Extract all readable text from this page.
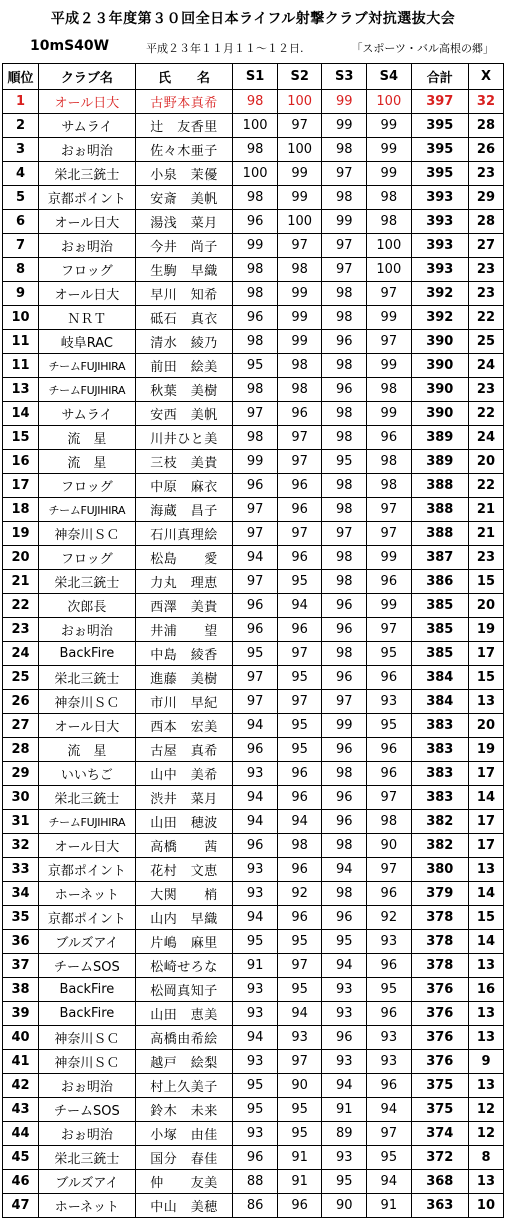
平成２３年度第３０回全日本ライフル射撃クラブ対抗選抜大会
10mS40W	平成２３年１１月１１〜１２日.	「スポーツ・バル高根の郷」
順位	クラブ名	氏　　名	S1	S2	S3	S4	合計	X
1	オール日大	古野本真希	98	100	99	100	397	32
2	サムライ	辻　友香里	100	97	99	99	395	28
3	おぉ明治	佐々木亜子	98	100	98	99	395	26
4	栄北三銃士	小泉　茉優	100	99	97	99	395	23
5	京都ポイント	安斎　美帆	98	99	98	98	393	29
6	オール日大	湯浅　菜月	96	100	99	98	393	28
7	おぉ明治	今井　尚子	99	97	97	100	393	27
8	フロッグ	生駒　早織	98	98	97	100	393	23
9	オール日大	早川　知希	98	99	98	97	392	23
10	ＮＲＴ	砥石　真衣	96	99	98	99	392	22
11	岐阜RAC	清水　綾乃	98	99	96	97	390	25
11	チームFUJIHIRA	前田　絵美	95	98	98	99	390	24
13	チームFUJIHIRA	秋葉　美樹	98	98	96	98	390	23
14	サムライ	安西　美帆	97	96	98	99	390	22
15	流　星	川井ひと美	98	97	98	96	389	24
16	流　星	三枝　美貴	99	97	95	98	389	20
17	フロッグ	中原　麻衣	96	96	98	98	388	22
18	チームFUJIHIRA	海蔵　昌子	97	96	98	97	388	21
19	神奈川ＳＣ	石川真理絵	97	97	97	97	388	21
20	フロッグ	松島　　愛	94	96	98	99	387	23
21	栄北三銃士	力丸　理恵	97	95	98	96	386	15
22	次郎長	西澤　美貴	96	94	96	99	385	20
23	おぉ明治	井浦　　望	96	96	96	97	385	19
24	BackFire	中島　綾香	95	97	98	95	385	17
25	栄北三銃士	進藤　美樹	97	95	96	96	384	15
26	神奈川ＳＣ	市川　早紀	97	97	97	93	384	13
27	オール日大	西本　宏美	94	95	99	95	383	20
28	流　星	古屋　真希	96	95	96	96	383	19
29	いいちご	山中　美希	93	96	98	96	383	17
30	栄北三銃士	渋井　菜月	94	96	96	97	383	14
31	チームFUJIHIRA	山田　穂波	94	94	96	98	382	17
32	オール日大	高橋　　茜	96	98	98	90	382	17
33	京都ポイント	花村　文恵	93	96	94	97	380	13
34	ホーネット	大関　　梢	93	92	98	96	379	14
35	京都ポイント	山内　早織	94	96	96	92	378	15
36	ブルズアイ	片嶋　麻里	95	95	95	93	378	14
37	チームSOS	松崎せろな	91	97	94	96	378	13
38	BackFire	松岡真知子	93	95	93	95	376	16
39	BackFire	山田　恵美	93	94	93	96	376	13
40	神奈川ＳＣ	高橋由希絵	94	93	96	93	376	13
41	神奈川ＳＣ	越戸　絵梨	93	97	93	93	376	9
42	おぉ明治	村上久美子	95	90	94	96	375	13
43	チームSOS	鈴木　未来	95	95	91	94	375	12
44	おぉ明治	小塚　由佳	93	95	89	97	374	12
45	栄北三銃士	国分　春佳	96	91	93	95	372	8
46	ブルズアイ	仲　　友美	88	91	95	94	368	13
47	ホーネット	中山　美穂	86	96	90	91	363	10
